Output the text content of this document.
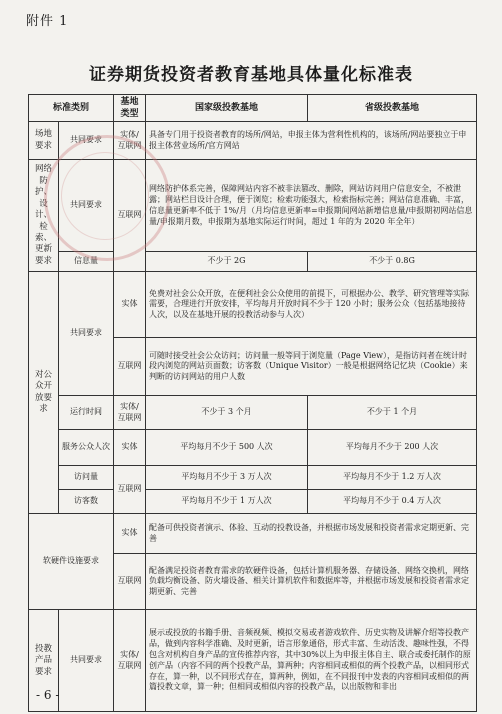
附件 1
证券期货投资者教育基地具体量化标准表
标准类别		基地类型	国家级投教基地	省级投教基地
场地要求	共同要求	实体/互联网	具备专门用于投资者教育的场所/网站，申报主体为营利性机构的，该场所/网站要独立于申报主体营业场所/官方网站	
网络防护、设计、检索、更新要求	共同要求	互联网	网络防护体系完善，保障网站内容不被非法篡改、删除，网站访问用户信息安全，不被泄露；网站栏目设计合理，便于浏览；检索功能强大，检索指标完善；网站信息准确、丰富，信息量更新率不低于 1%/月（月均信息更新率=申报期间网站新增信息量/申报期初网站信息量/申报期月数，申报期为基地实际运行时间，超过 1 年的为 2020 年全年）	
	信息量		不少于 2G	不少于 0.8G
对公众开放要求	共同要求	实体	免费对社会公众开放，在便利社会公众使用的前提下，可根据办公、教学、研究管理等实际需要，合理进行开放安排，平均每月开放时间不少于 120 小时；服务公众（包括基地接待人次，以及在基地开展的投教活动参与人次）	
		互联网	可随时接受社会公众访问；访问量一般等同于浏览量（Page View），是指访问者在统计时段内浏览的网站页面数；访客数（Unique Visitor）一般是根据网络记忆块（Cookie）来判断的访问网站的用户人数	
	运行时间	实体/互联网	不少于 3 个月	不少于 1 个月
	服务公众人次	实体	平均每月不少于 500 人次	平均每月不少于 200 人次
	访问量	互联网	平均每月不少于 3 万人次	平均每月不少于 1.2 万人次
	访客数		平均每月不少于 1 万人次	平均每月不少于 0.4 万人次
软硬件设施要求		实体	配备可供投资者演示、体验、互动的投教设备，并根据市场发展和投资者需求定期更新、完善	
		互联网	配备满足投资者教育需求的软硬件设备，包括计算机服务器、存储设备、网络交换机，网络负载均衡设备、防火墙设备、相关计算机软件和数据库等，并根据市场发展和投资者需求定期更新、完善	
投教产品要求	共同要求	实体/互联网	展示或投放的书籍手册、音频视频、模拟交易或者游戏软件、历史实物及讲解介绍等投教产品，做到内容科学准确、及时更新，语言形象通俗，形式丰富、生动活泼、趣味性强，不得包含对机构自身产品的宣传推荐内容，其中30%以上为申报主体自主、联合或委托制作的原创产品（内容不同的两个投教产品，算两种；内容相同或相似的两个投教产品，以相同形式存在，算一种，以不同形式存在，算两种，例如，在不同报刊中发表的内容相同或相似的两篇投教文章，算一种；但相同或相似内容的投教产品，以出版物和非出	
- 6 -
